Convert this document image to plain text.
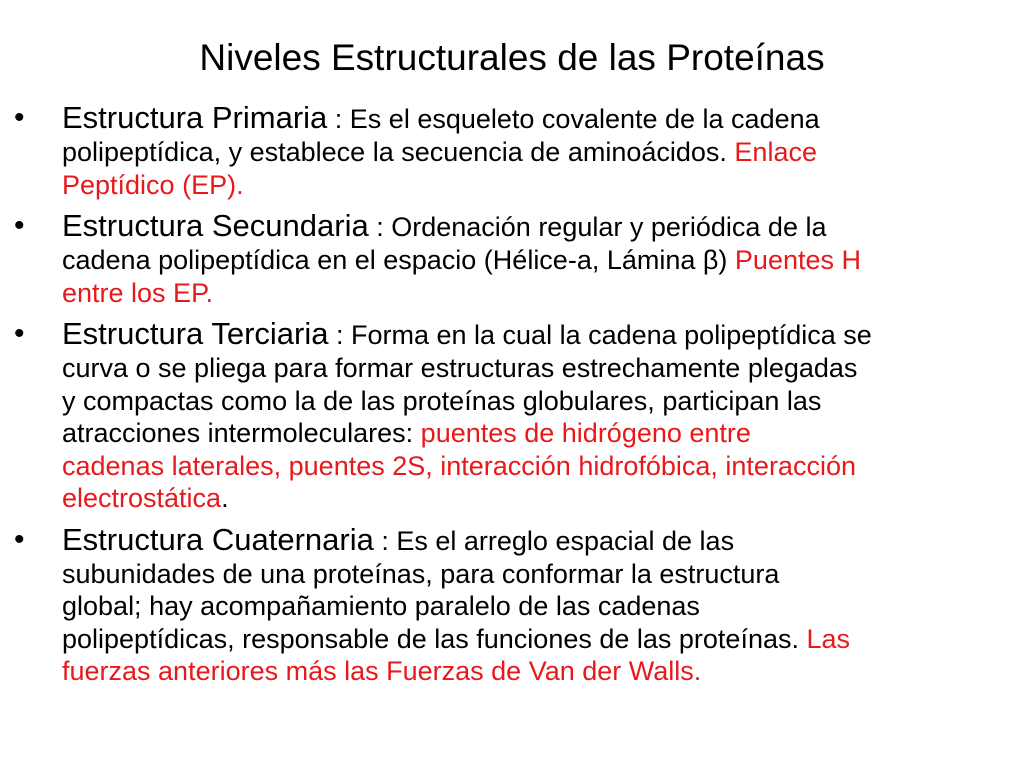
Niveles Estructurales de las Proteínas
• Estructura Primaria : Es el esqueleto covalente de la cadena
polipeptídica, y establece la secuencia de aminoácidos. Enlace
Peptídico (EP).
• Estructura Secundaria : Ordenación regular y periódica de la
cadena polipeptídica en el espacio (Hélice-a, Lámina β) Puentes H
entre los EP.
• Estructura Terciaria : Forma en la cual la cadena polipeptídica se
curva o se pliega para formar estructuras estrechamente plegadas
y compactas como la de las proteínas globulares, participan las
atracciones intermoleculares: puentes de hidrógeno entre
cadenas laterales, puentes 2S, interacción hidrofóbica, interacción
electrostática.
• Estructura Cuaternaria : Es el arreglo espacial de las
subunidades de una proteínas, para conformar la estructura
global; hay acompañamiento paralelo de las cadenas
polipeptídicas, responsable de las funciones de las proteínas. Las
fuerzas anteriores más las Fuerzas de Van der Walls.
